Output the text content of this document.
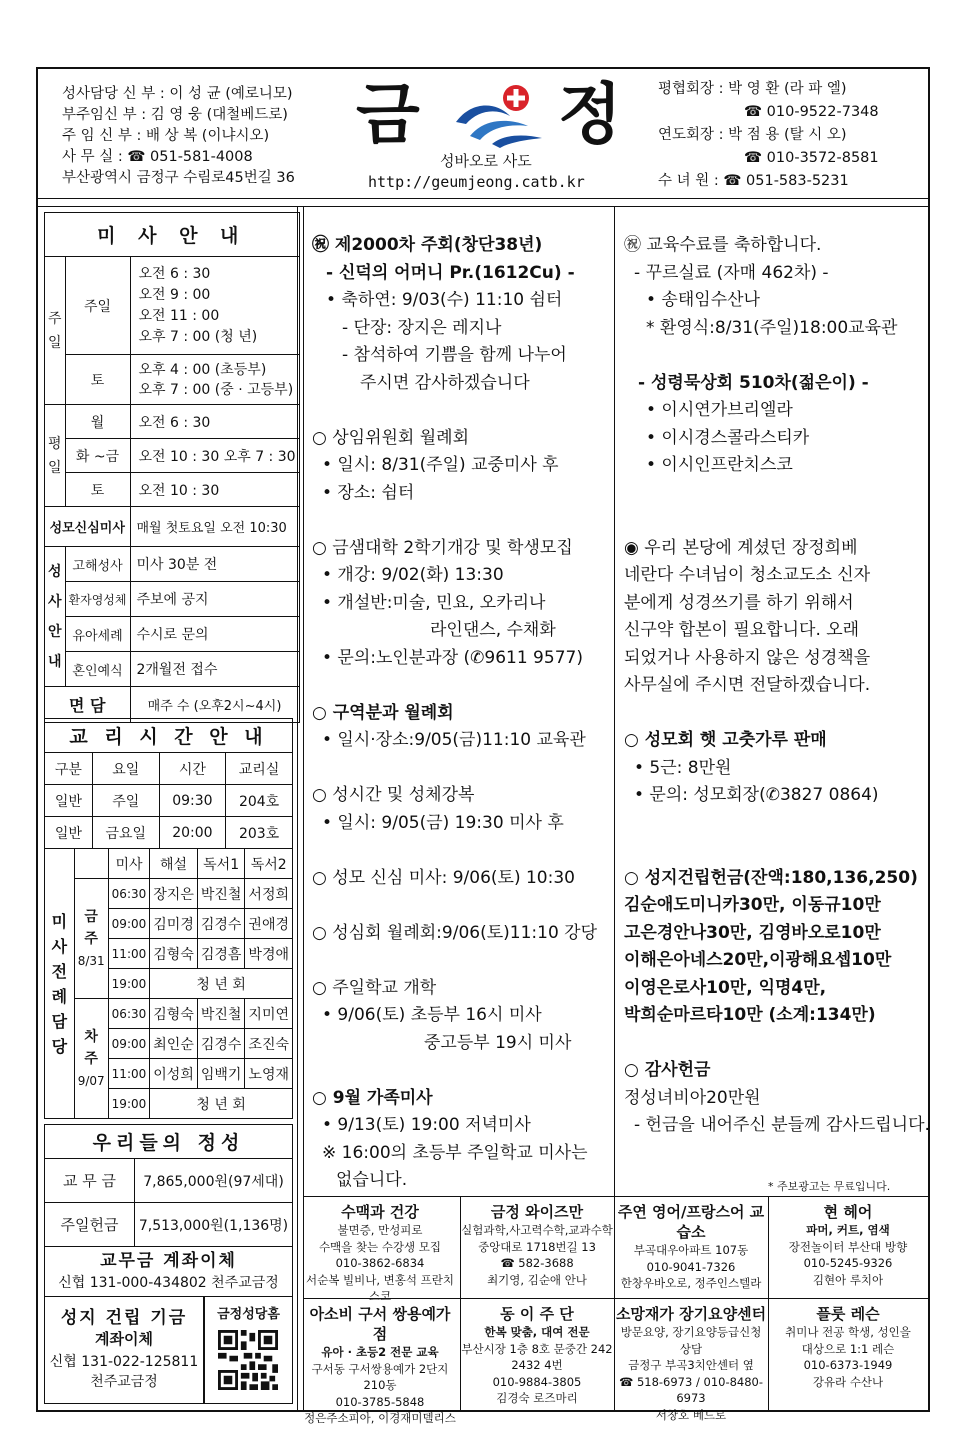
성사담당 신 부 : 이 성 균 (예로니모)
부주임신 부 : 김 영 웅 (대철베드로)
주 임 신 부 : 배 상 복 (이냐시오)
사 무 실 : ☎ 051-581-4008
부산광역시 금정구 수림로45번길 36
금 정
성바오로 사도
http://geumjeong.catb.kr
평협회장 : 박 영 환 (라 파 엘)
☎ 010-9522-7348
연도회장 : 박 점 용 (탈 시 오)
☎ 010-3572-8581
수 녀 원 : ☎ 051-583-5231
미 사 안 내		
주일	주일	오전 6 : 30
오전 9 : 00
오전 11 : 00
오후 7 : 00 (청 년)

	토	오후 4 : 00 (초등부)
오후 7 : 00 (중 · 고등부)

평일	월	오전 6 : 30
	화 ~금	오전 10 : 30 오후 7 : 30
	토	오전 10 : 30
성모신심미사		매월 첫토요일 오전 10:30
성사안내	고해성사	미사 30분 전
	환자영성체	주보에 공지
	유아세례	수시로 문의
	혼인예식	2개월전 접수
면 담		매주 수 (오후2시~4시)
교 리 시 간 안 내			
구분	요일	시간	교리실
일반	주일	09:30	204호
일반	금요일	20:00	203호
미사전례담당		미사	해설	독서1	독서2

	금주
8/31	06:30	장지은	박진철	서정희
		09:00	김미경	김경수	권애경
		11:00	김형숙	김경흠	박경애
		19:00	청 년 회		

	차주
9/07	06:30	김형숙	박진철	지미연
		09:00	최인순	김경수	조진숙
		11:00	이성희	임백기	노영재
		19:00	청 년 회		
우리들의 정성	
교 무 금	7,865,000원(97세대)
주일헌금	7,513,000원(1,136명)

교무금 계좌이체
신협 131-000-434802 천주교금정	
성지 건립 기금
계좌이체
신협 131-022-125811
천주교금정
금정성당홈
㊗ 제2000차 주회(창단38년)
- 신덕의 어머니 Pr.(1612Cu) -
• 축하연: 9/03(수) 11:10 쉼터
- 단장: 장지은 레지나
- 참석하여 기쁨을 함께 나누어
주시면 감사하겠습니다

○ 상임위원회 월례회
• 일시: 8/31(주일) 교중미사 후
• 장소: 쉼터

○ 금샘대학 2학기개강 및 학생모집
• 개강: 9/02(화) 13:30
• 개설반:미술, 민요, 오카리나
라인댄스, 수채화
• 문의:노인분과장 (✆9611 9577)

○ 구역분과 월례회
• 일시·장소:9/05(금)11:10 교육관

○ 성시간 및 성체강복
• 일시: 9/05(금) 19:30 미사 후

○ 성모 신심 미사: 9/06(토) 10:30

○ 성심회 월례회:9/06(토)11:10 강당

○ 주일학교 개학
• 9/06(토) 초등부 16시 미사
중고등부 19시 미사

○ 9월 가족미사
• 9/13(토) 19:00 저녁미사
※ 16:00의 초등부 주일학교 미사는
없습니다.
㊗ 교육수료를 축하합니다.
- 꾸르실료 (자매 462차) -
• 송태임수산나
* 환영식:8/31(주일)18:00교육관

- 성령묵상회 510차(젊은이) -
• 이시연가브리엘라
• 이시경스콜라스티카
• 이시인프란치스코

◉ 우리 본당에 계셨던 장정희베
네란다 수녀님이 청소교도소 신자
분에게 성경쓰기를 하기 위해서
신구약 합본이 필요합니다. 오래
되었거나 사용하지 않은 성경책을
사무실에 주시면 전달하겠습니다.

○ 성모회 햇 고춧가루 판매
• 5근: 8만원
• 문의: 성모회장(✆3827 0864)

○ 성지건립헌금(잔액:180,136,250)
김순애도미니카30만, 이동규10만
고은경안나30만, 김영바오로10만
이해은아네스20만,이광해요셉10만
이영은로사10만, 익명4만,
박희순마르타10만 (소계:134만)

○ 감사헌금
정성녀비아20만원
- 헌금을 내어주신 분들께 감사드립니다.
* 주보광고는 무료입니다.
수맥과 건강
불면증, 만성피로
수맥을 찾는 수강생 모집
010-3862-6834
서순복 빌비나, 변홍석 프란치스코
금정 와이즈만
실험과학,사고력수학,교과수학
중앙대로 1718번길 13
☎ 582-3688
최기영, 김순애 안나
주연 영어/프랑스어 교습소
부곡대우아파트 107동
010-9041-7326
한창우바오로, 정주인스텔라

현 헤어
파머, 커트, 염색
장전놀이터 부산대 방향
010-5245-9326
김현아 루치아
아소비 구서 쌍용예가점
유아 · 초등2 전문 교육
구서동 구서쌍용예가 2단지 210동
010-3785-5848
정은주소피아, 이경재미델리스
동 이 주 단
한복 맞춤, 대여 전문
부산시장 1층 8호 문중간 242 2432 4번
010-9884-3805
김경숙 로즈마리
소망재가 장기요양센터
방문요양, 장기요양등급신청 상담
금정구 부곡3치안센터 옆
☎ 518-6973 / 010-8480-6973
서창호 베드로
플룻 레슨
취미나 전공 학생, 성인을
대상으로 1:1 레슨
010-6373-1949
강유라 수산나
